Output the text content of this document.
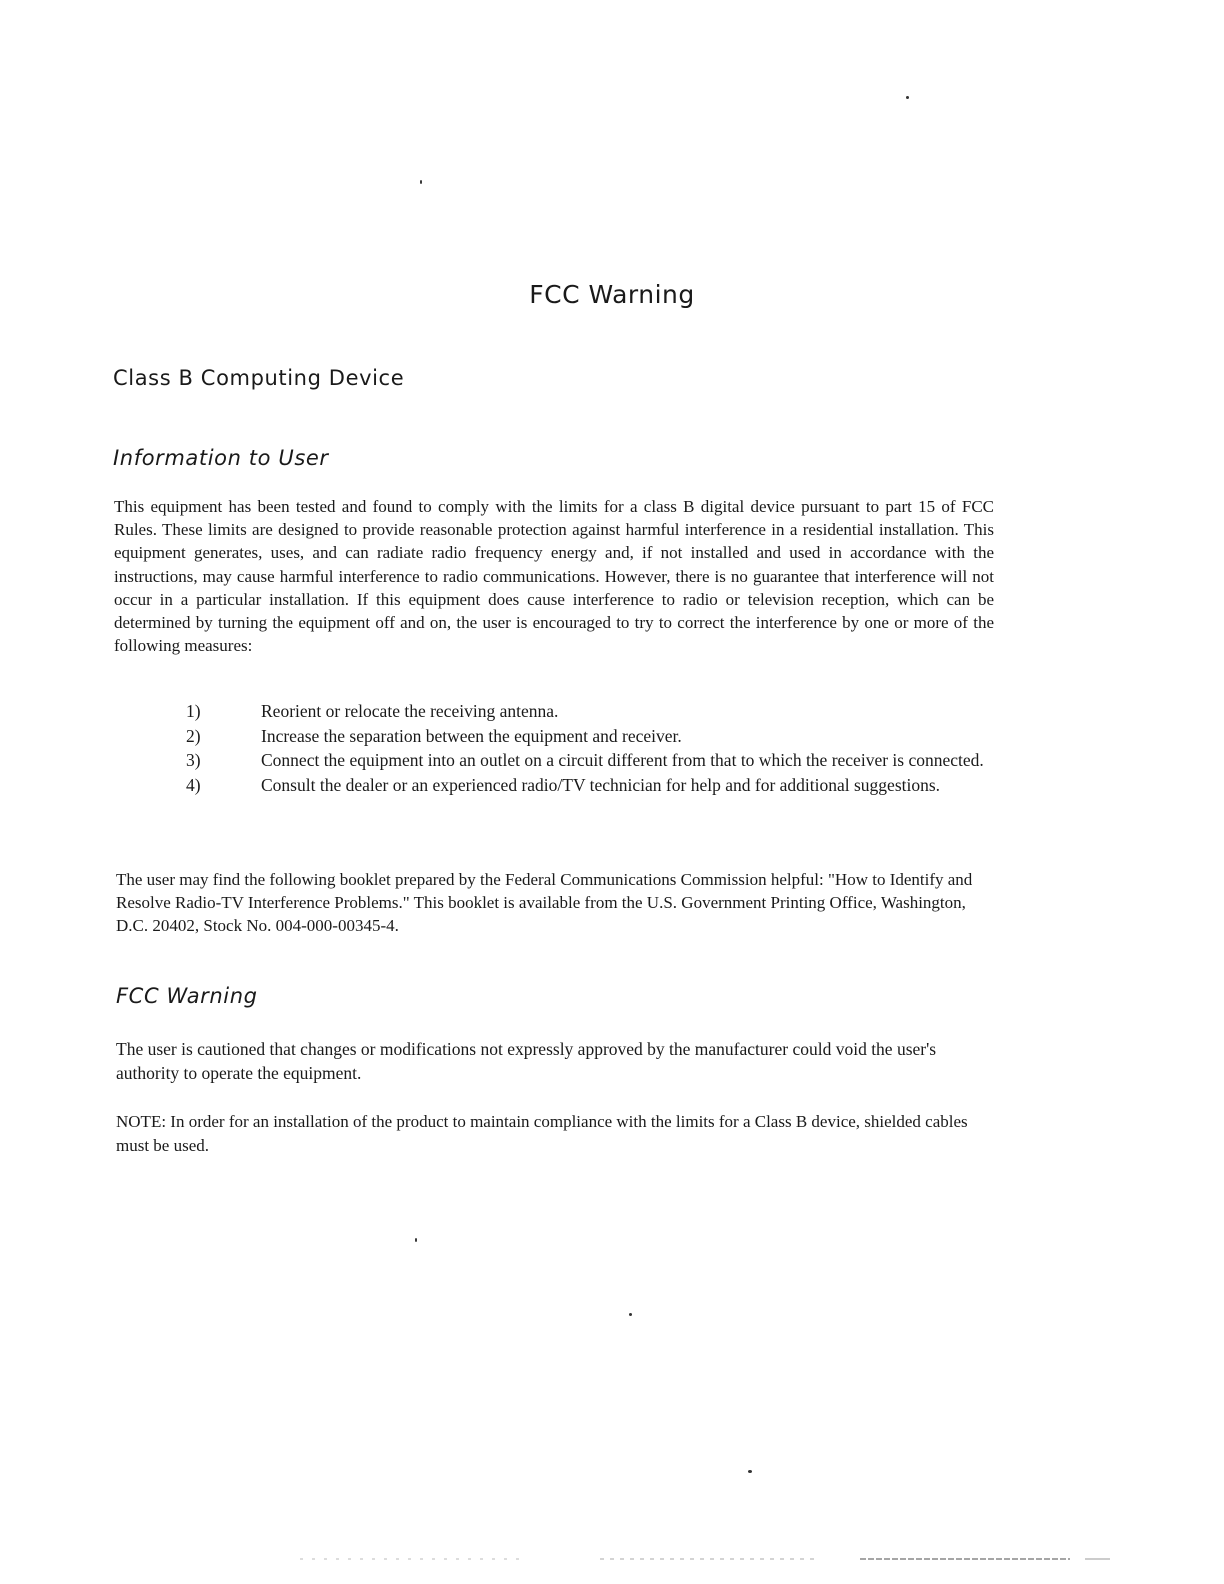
FCC Warning
Class B Computing Device
Information to User

This equipment has been tested and found to comply with the limits for a class B digital device pursuant to part 15 of FCC Rules. These limits are designed to provide reasonable protection against harmful interference in a residential installation. This equipment generates, uses, and can radiate radio frequency energy and, if not installed and used in accordance with the instructions, may cause harmful interference to radio communications. However, there is no guarantee that interference will not occur in a particular installation. If this equipment does cause interference to radio or television reception, which can be determined by turning the equipment off and on, the user is encouraged to try to correct the interference by one or more of the following measures:

1)	Reorient or relocate the receiving antenna.
2)	Increase the separation between the equipment and receiver.
3)	Connect the equipment into an outlet on a circuit different from that to which the receiver is connected.
4)	Consult the dealer or an experienced radio/TV technician for help and for additional suggestions.

The user may find the following booklet prepared by the Federal Communications Commission helpful: "How to Identify and Resolve Radio-TV Interference Problems." This booklet is available from the U.S. Government Printing Office, Washington, D.C. 20402, Stock No. 004-000-00345-4.

FCC Warning

The user is cautioned that changes or modifications not expressly approved by the manufacturer could void the user's authority to operate the equipment.

NOTE: In order for an installation of the product to maintain compliance with the limits for a Class B device, shielded cables must be used.
